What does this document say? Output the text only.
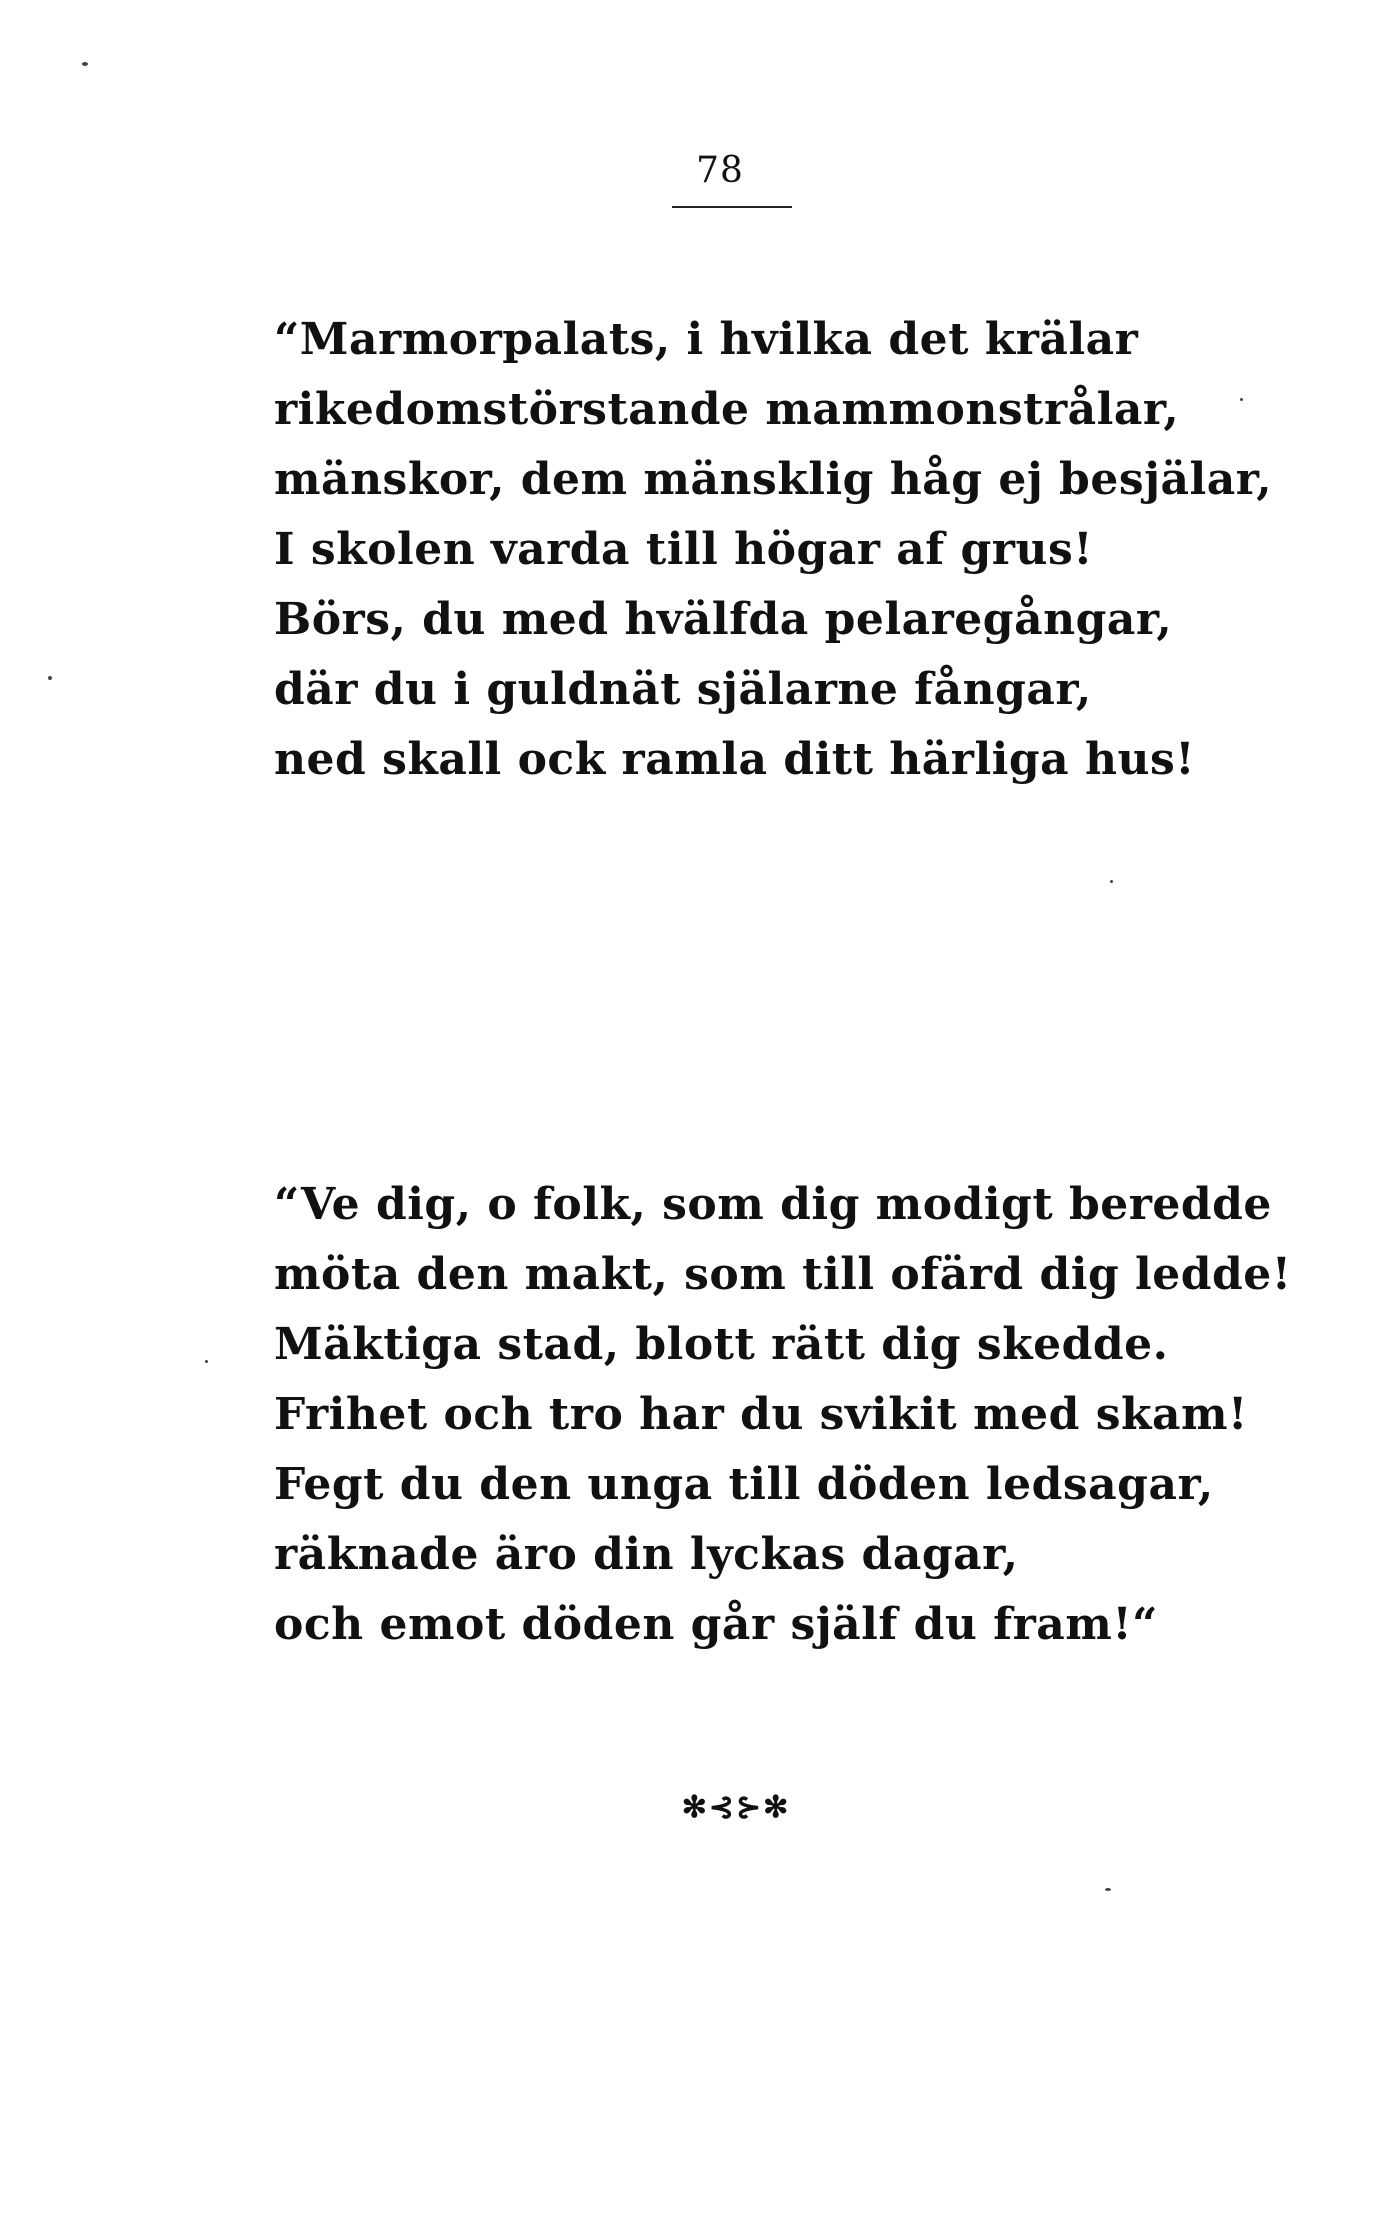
78
“Marmorpalats, i hvilka det krälar
rikedomstörstande mammonstrålar,
mänskor, dem mänsklig håg ej besjälar,
I skolen varda till högar af grus!
Börs, du med hvälfda pelaregångar,
där du i guldnät själarne fångar,
ned skall ock ramla ditt härliga hus!
“Ve dig, o folk, som dig modigt beredde
möta den makt, som till ofärd dig ledde!
Mäktiga stad, blott rätt dig skedde.
Frihet och tro har du svikit med skam!
Fegt du den unga till döden ledsagar,
räknade äro din lyckas dagar,
och emot döden går själf du fram!“
✻⊰⊱✻
